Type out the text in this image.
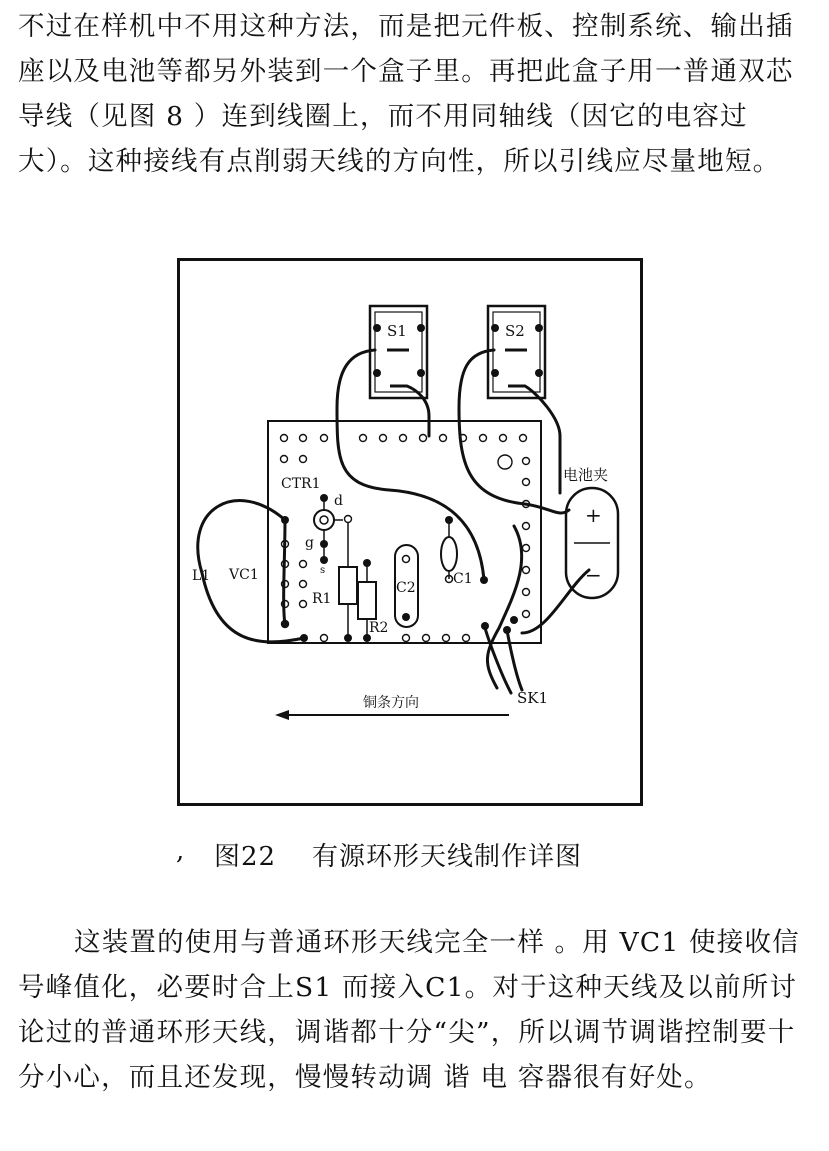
不过在样机中不用这种方法，而是把元件板、控制系统、输出插座以及电池等都另外装到一个盒子里。再把此盒子用一普通双芯导线（见图 8 ）连到线圈上，而不用同轴线（因它的电容过大）。这种接线有点削弱天线的方向性，所以引线应尽量地短。

S1	S2
CTR1
d
g
s
R1
R2
C2
C1
电池夹
+
−
L1 VC1
SK1
铜条方向
, 图22 有源环形天线制作详图

这装置的使用与普通环形天线完全一样 。用 VC1 使接收信号峰值化，必要时合上S1 而接入C1。对于这种天线及以前所讨论过的普通环形天线，调谐都十分“尖”，所以调节调谐控制要十分小心，而且还发现，慢慢转动调 谐 电 容器很有好处。
